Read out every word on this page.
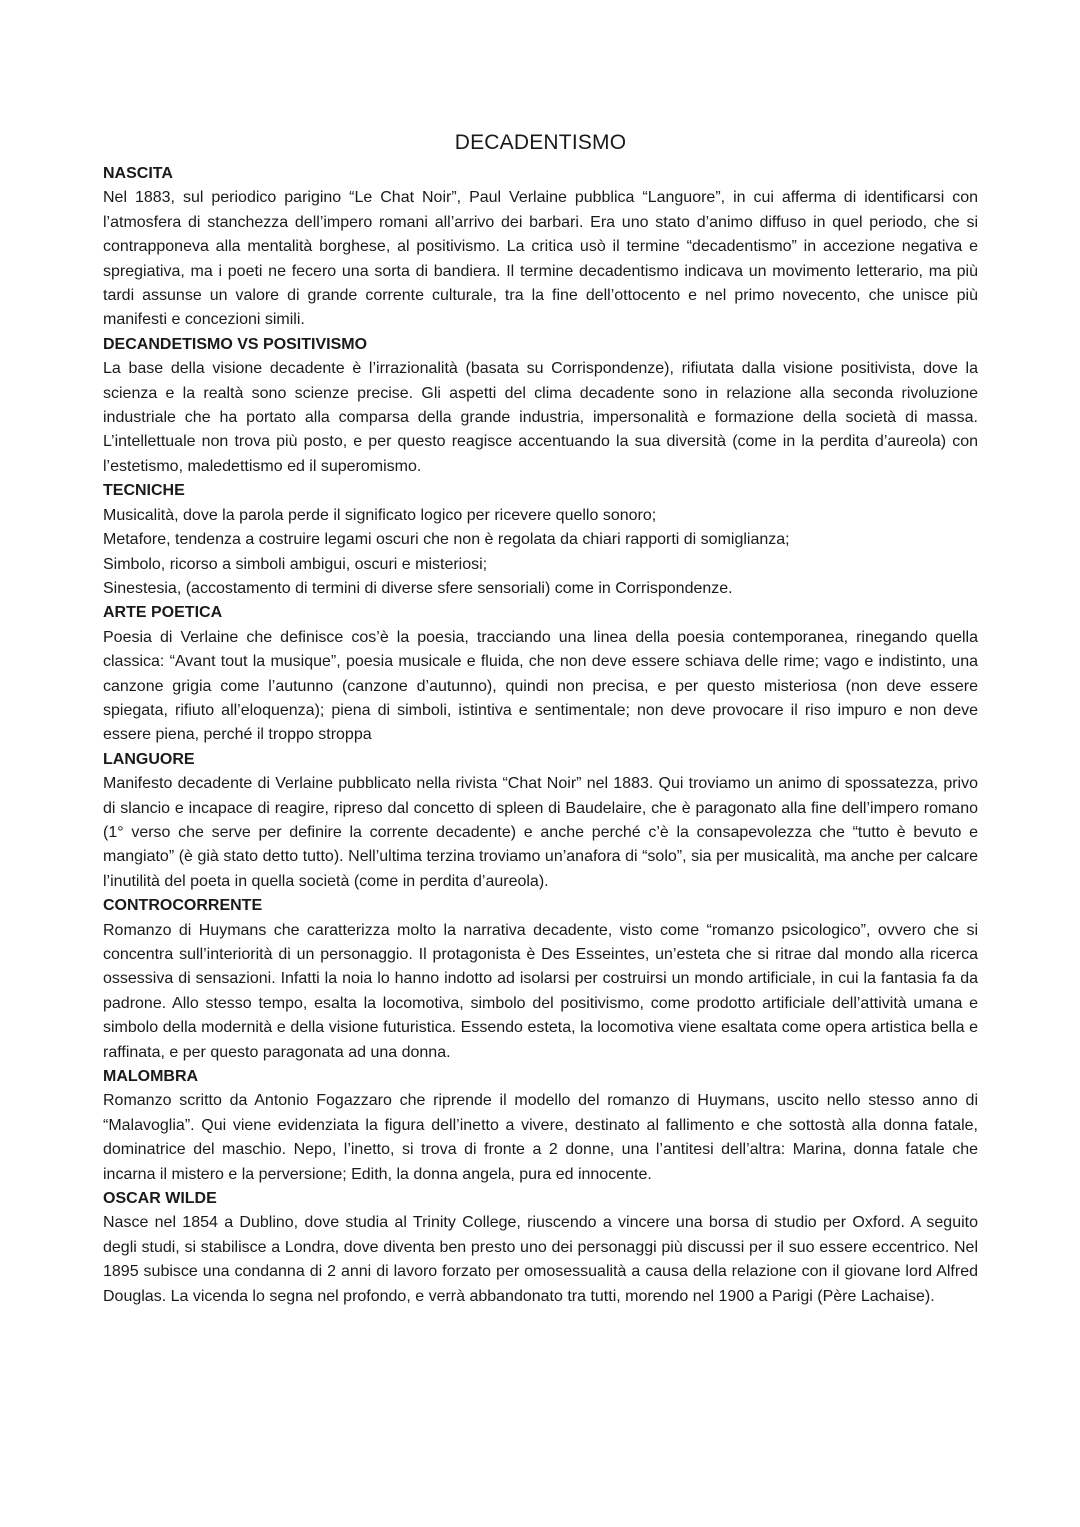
DECADENTISMO
NASCITA

Nel 1883, sul periodico parigino “Le Chat Noir”, Paul Verlaine pubblica “Languore”, in cui afferma di identificarsi con l’atmosfera di stanchezza dell’impero romani all’arrivo dei barbari. Era uno stato d’animo diffuso in quel periodo, che si contrapponeva alla mentalità borghese, al positivismo. La critica usò il termine “decadentismo” in accezione negativa e spregiativa, ma i poeti ne fecero una sorta di bandiera. Il termine decadentismo indicava un movimento letterario, ma più tardi assunse un valore di grande corrente culturale, tra la fine dell’ottocento e nel primo novecento, che unisce più manifesti e concezioni simili.

DECANDETISMO VS POSITIVISMO

La base della visione decadente è l’irrazionalità (basata su Corrispondenze), rifiutata dalla visione positivista, dove la scienza e la realtà sono scienze precise. Gli aspetti del clima decadente sono in relazione alla seconda rivoluzione industriale che ha portato alla comparsa della grande industria, impersonalità e formazione della società di massa. L’intellettuale non trova più posto, e per questo reagisce accentuando la sua diversità (come in la perdita d’aureola) con l’estetismo, maledettismo ed il superomismo.

TECNICHE

Musicalità, dove la parola perde il significato logico per ricevere quello sonoro;

Metafore, tendenza a costruire legami oscuri che non è regolata da chiari rapporti di somiglianza;

Simbolo, ricorso a simboli ambigui, oscuri e misteriosi;

Sinestesia, (accostamento di termini di diverse sfere sensoriali) come in Corrispondenze.

ARTE POETICA

Poesia di Verlaine che definisce cos’è la poesia, tracciando una linea della poesia contemporanea, rinegando quella classica: “Avant tout la musique”, poesia musicale e fluida, che non deve essere schiava delle rime; vago e indistinto, una canzone grigia come l’autunno (canzone d’autunno), quindi non precisa, e per questo misteriosa (non deve essere spiegata, rifiuto all’eloquenza); piena di simboli, istintiva e sentimentale; non deve provocare il riso impuro e non deve essere piena, perché il troppo stroppa

LANGUORE

Manifesto decadente di Verlaine pubblicato nella rivista “Chat Noir” nel 1883. Qui troviamo un animo di spossatezza, privo di slancio e incapace di reagire, ripreso dal concetto di spleen di Baudelaire, che è paragonato alla fine dell’impero romano (1° verso che serve per definire la corrente decadente) e anche perché c’è la consapevolezza che “tutto è bevuto e mangiato” (è già stato detto tutto). Nell’ultima terzina troviamo un’anafora di “solo”, sia per musicalità, ma anche per calcare l’inutilità del poeta in quella società (come in perdita d’aureola).

CONTROCORRENTE

Romanzo di Huymans che caratterizza molto la narrativa decadente, visto come “romanzo psicologico”, ovvero che si concentra sull’interiorità di un personaggio. Il protagonista è Des Esseintes, un’esteta che si ritrae dal mondo alla ricerca ossessiva di sensazioni. Infatti la noia lo hanno indotto ad isolarsi per costruirsi un mondo artificiale, in cui la fantasia fa da padrone. Allo stesso tempo, esalta la locomotiva, simbolo del positivismo, come prodotto artificiale dell’attività umana e simbolo della modernità e della visione futuristica. Essendo esteta, la locomotiva viene esaltata come opera artistica bella e raffinata, e per questo paragonata ad una donna.

MALOMBRA

Romanzo scritto da Antonio Fogazzaro che riprende il modello del romanzo di Huymans, uscito nello stesso anno di “Malavoglia”. Qui viene evidenziata la figura dell’inetto a vivere, destinato al fallimento e che sottostà alla donna fatale, dominatrice del maschio. Nepo, l’inetto, si trova di fronte a 2 donne, una l’antitesi dell’altra: Marina, donna fatale che incarna il mistero e la perversione; Edith, la donna angela, pura ed innocente.

OSCAR WILDE

Nasce nel 1854 a Dublino, dove studia al Trinity College, riuscendo a vincere una borsa di studio per Oxford. A seguito degli studi, si stabilisce a Londra, dove diventa ben presto uno dei personaggi più discussi per il suo essere eccentrico. Nel 1895 subisce una condanna di 2 anni di lavoro forzato per omosessualità a causa della relazione con il giovane lord Alfred Douglas. La vicenda lo segna nel profondo, e verrà abbandonato tra tutti, morendo nel 1900 a Parigi (Père Lachaise).
